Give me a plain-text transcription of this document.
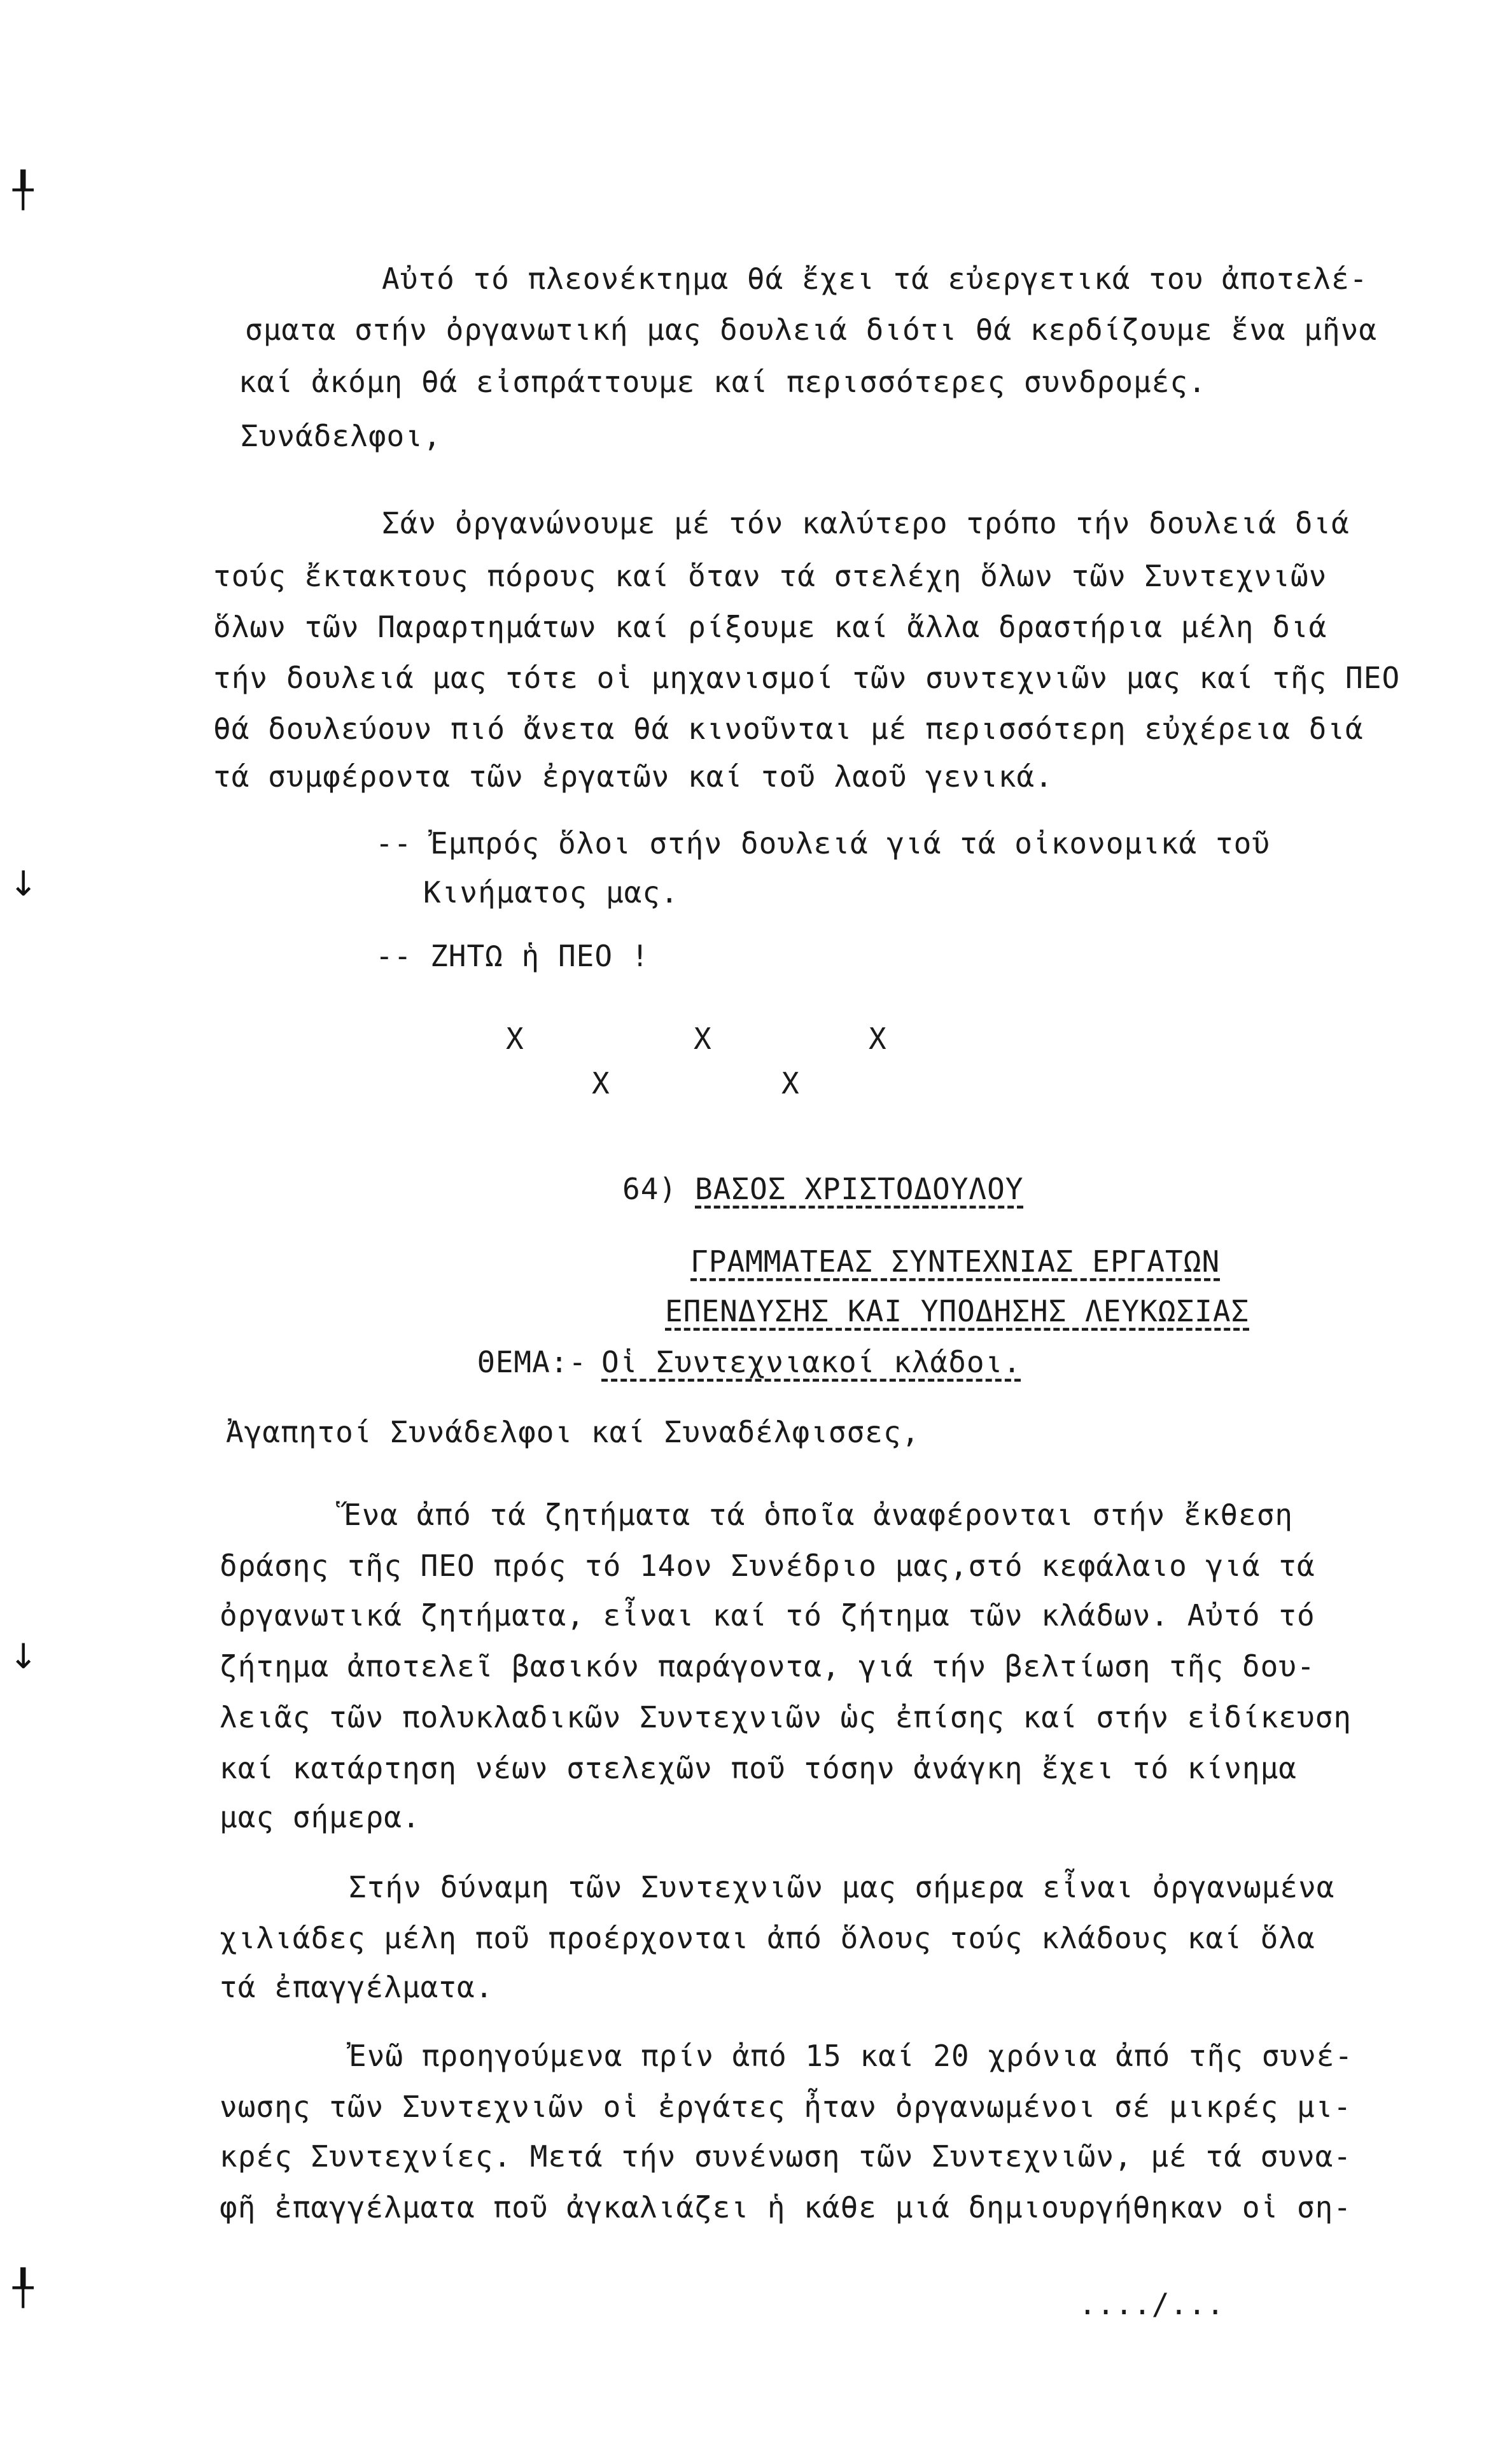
╀
↓
↓
╀
Αὐτό τό πλεονέκτημα θά ἔχει τά εὐεργετικά του ἀποτελέ-
σματα στήν ὀργανωτική μας δουλειά διότι θά κερδίζουμε ἕνα μῆνα
καί ἀκόμη θά εἰσπράττουμε καί περισσότερες συνδρομές.
Συνάδελφοι,
Σάν ὀργανώνουμε μέ τόν καλύτερο τρόπο τήν δουλειά διά
τούς ἔκτακτους πόρους καί ὅταν τά στελέχη ὅλων τῶν Συντεχνιῶν
ὅλων τῶν Παραρτημάτων καί ρίξουμε καί ἄλλα δραστήρια μέλη διά
τήν δουλειά μας τότε οἱ μηχανισμοί τῶν συντεχνιῶν μας καί τῆς ΠΕΟ
θά δουλεύουν πιό ἄνετα θά κινοῦνται μέ περισσότερη εὐχέρεια διά
τά συμφέροντα τῶν ἐργατῶν καί τοῦ λαοῦ γενικά.
-- Ἐμπρός ὅλοι στήν δουλειά γιά τά οἰκονομικά τοῦ
Κινήματος μας.
-- ΖΗΤΩ ἡ ΠΕΟ !
X	X	X
X	X
64) ΒΑΣΟΣ ΧΡΙΣΤΟΔΟΥΛΟΥ
ΓΡΑΜΜΑΤΕΑΣ ΣΥΝΤΕΧΝΙΑΣ ΕΡΓΑΤΩΝ
ΕΠΕΝΔΥΣΗΣ ΚΑΙ ΥΠΟΔΗΣΗΣ ΛΕΥΚΩΣΙΑΣ
ΘΕΜΑ:- Οἱ Συντεχνιακοί κλάδοι.
Ἀγαπητοί Συνάδελφοι καί Συναδέλφισσες,
Ἕνα ἀπό τά ζητήματα τά ὁποῖα ἀναφέρονται στήν ἔκθεση
δράσης τῆς ΠΕΟ πρός τό 14ον Συνέδριο μας,στό κεφάλαιο γιά τά
ὀργανωτικά ζητήματα, εἶναι καί τό ζήτημα τῶν κλάδων. Αὐτό τό
ζήτημα ἀποτελεῖ βασικόν παράγοντα, γιά τήν βελτίωση τῆς δου-
λειᾶς τῶν πολυκλαδικῶν Συντεχνιῶν ὡς ἐπίσης καί στήν εἰδίκευση
καί κατάρτηση νέων στελεχῶν ποῦ τόσην ἀνάγκη ἔχει τό κίνημα
μας σήμερα.
Στήν δύναμη τῶν Συντεχνιῶν μας σήμερα εἶναι ὀργανωμένα
χιλιάδες μέλη ποῦ προέρχονται ἀπό ὅλους τούς κλάδους καί ὅλα
τά ἐπαγγέλματα.
Ἐνῶ προηγούμενα πρίν ἀπό 15 καί 20 χρόνια ἀπό τῆς συνέ-
νωσης τῶν Συντεχνιῶν οἱ ἐργάτες ἦταν ὀργανωμένοι σέ μικρές μι-
κρές Συντεχνίες. Μετά τήν συνένωση τῶν Συντεχνιῶν, μέ τά συνα-
φῆ ἐπαγγέλματα ποῦ ἀγκαλιάζει ἡ κάθε μιά δημιουργήθηκαν οἱ ση-
..../...
